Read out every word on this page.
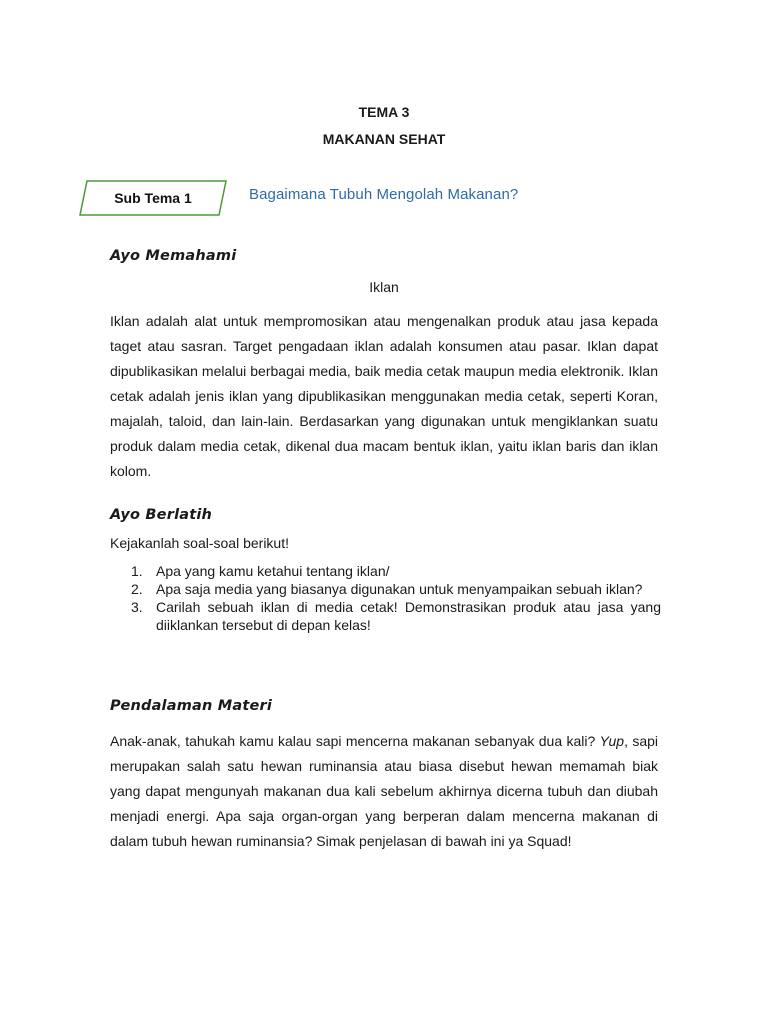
TEMA 3
MAKANAN SEHAT
Sub Tema 1	Bagaimana Tubuh Mengolah Makanan?
Ayo Memahami
Iklan

Iklan adalah alat untuk mempromosikan atau mengenalkan produk atau jasa kepada taget atau sasran. Target pengadaan iklan adalah konsumen atau pasar. Iklan dapat dipublikasikan melalui berbagai media, baik media cetak maupun media elektronik. Iklan cetak adalah jenis iklan yang dipublikasikan menggunakan media cetak, seperti Koran, majalah, taloid, dan lain-lain. Berdasarkan yang digunakan untuk mengiklankan suatu produk dalam media cetak, dikenal dua macam bentuk iklan, yaitu iklan baris dan iklan kolom.

Ayo Berlatih
Kejakanlah soal-soal berikut!
1. Apa yang kamu ketahui tentang iklan/
2. Apa saja media yang biasanya digunakan untuk menyampaikan sebuah iklan?
3. Carilah sebuah iklan di media cetak! Demonstrasikan produk atau jasa yang diiklankan tersebut di depan kelas!
Pendalaman Materi

Anak-anak, tahukah kamu kalau sapi mencerna makanan sebanyak dua kali? Yup, sapi merupakan salah satu hewan ruminansia atau biasa disebut hewan memamah biak yang dapat mengunyah makanan dua kali sebelum akhirnya dicerna tubuh dan diubah menjadi energi. Apa saja organ-organ yang berperan dalam mencerna makanan di dalam tubuh hewan ruminansia? Simak penjelasan di bawah ini ya Squad!
